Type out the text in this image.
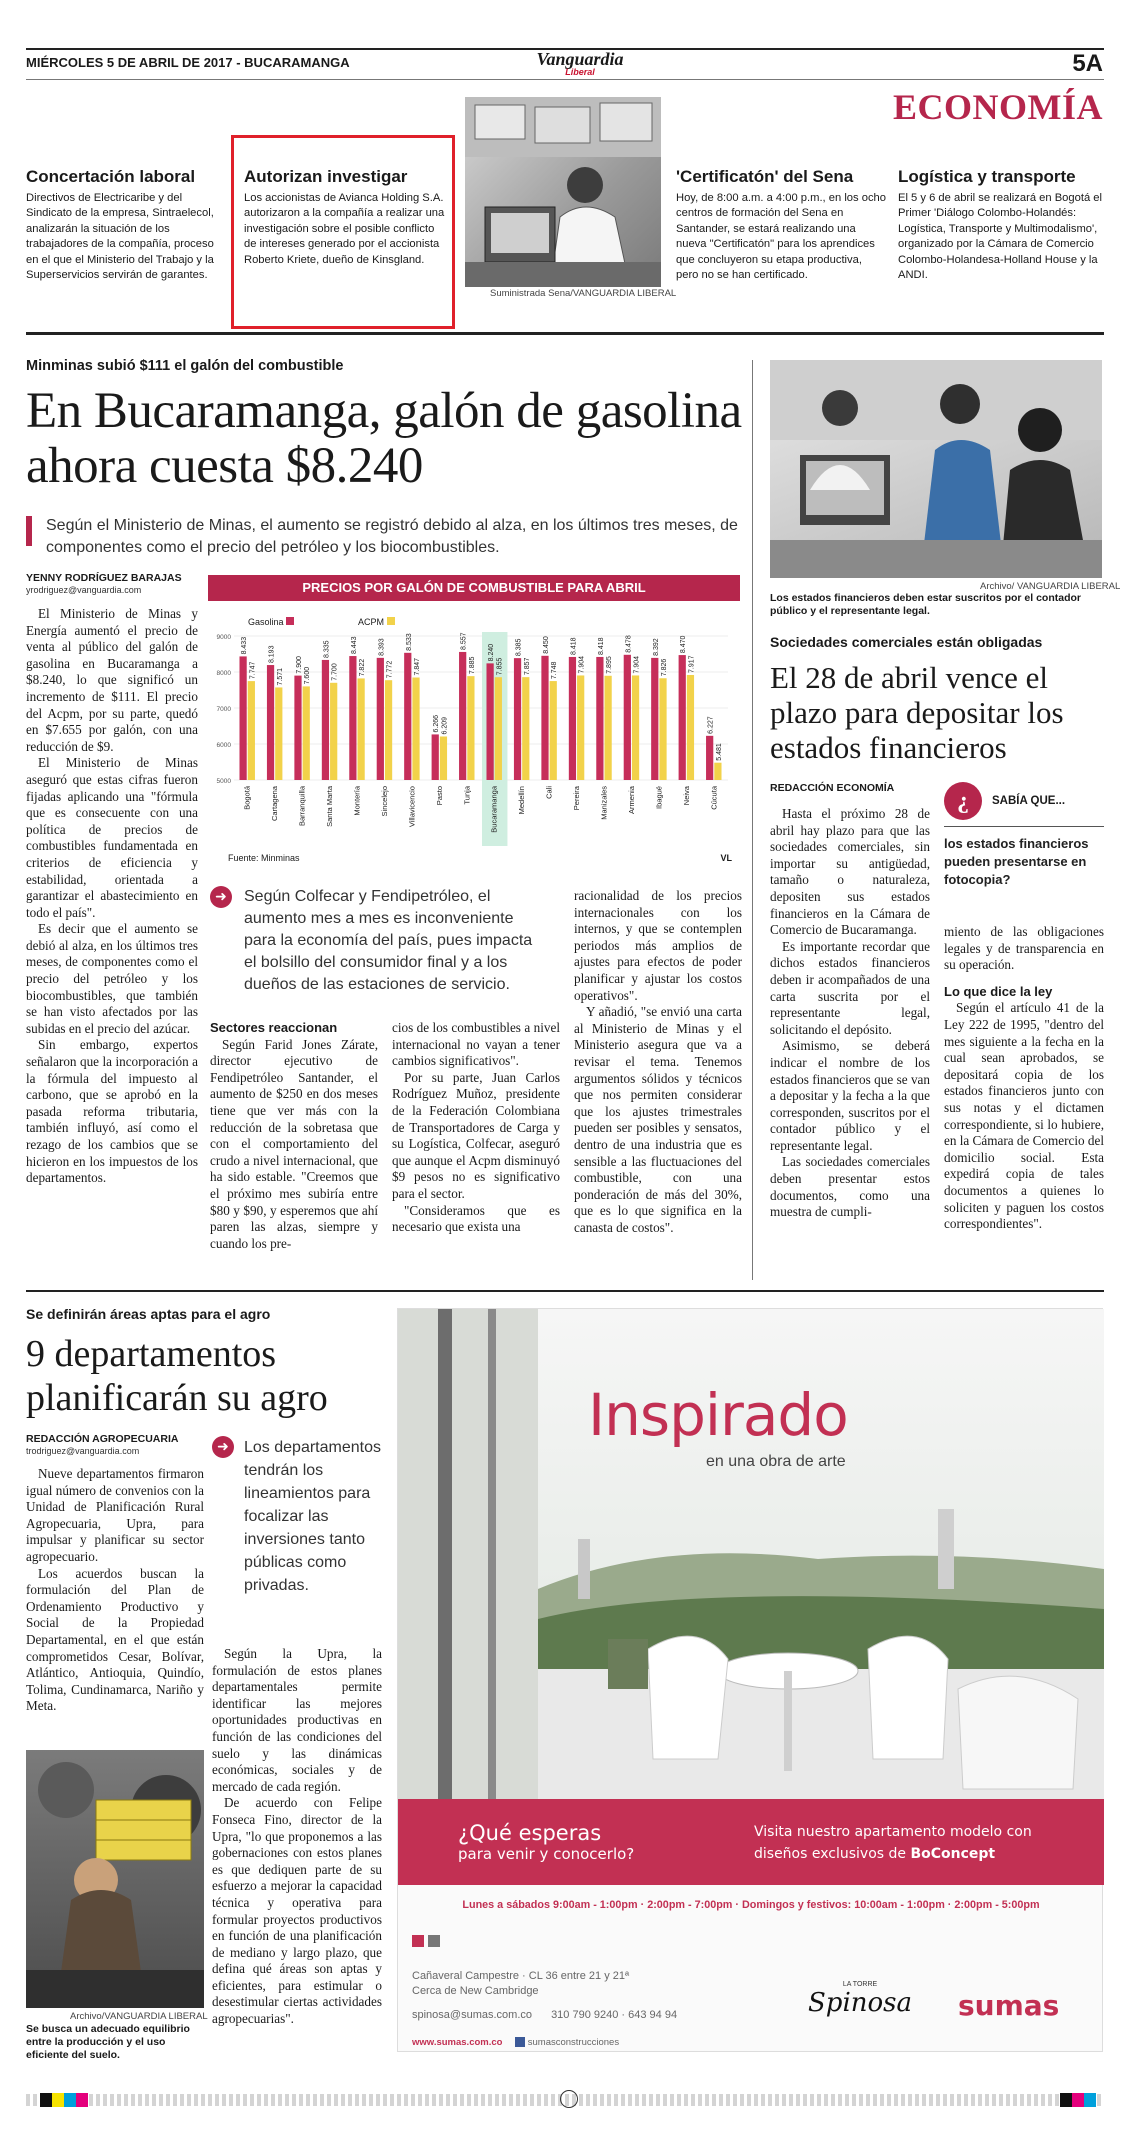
MIÉRCOLES 5 DE ABRIL DE 2017 - BUCARAMANGA	Vanguardia
Liberal	5A
ECONOMÍA
Concertación laboral
Directivos de Electricaribe y del Sindicato de la empresa, Sintraelecol, analizarán la situación de los trabajadores de la compañía, proceso en el que el Ministerio del Trabajo y la Superservicios servirán de garantes.
Autorizan investigar
Los accionistas de Avianca Holding S.A. autorizaron a la compañía a realizar una investigación sobre el posible conflicto de intereses generado por el accionista Roberto Kriete, dueño de Kinsgland.
Suministrada Sena/VANGUARDIA LIBERAL
'Certificatón' del Sena
Hoy, de 8:00 a.m. a 4:00 p.m., en los ocho centros de formación del Sena en Santander, se estará realizando una nueva "Certificatón" para los aprendices que concluyeron su etapa productiva, pero no se han certificado.
Logística y transporte
El 5 y 6 de abril se realizará en Bogotá el Primer 'Diálogo Colombo-Holandés: Logística, Transporte y Multimodalismo', organizado por la Cámara de Comercio Colombo-Holandesa-Holland House y la ANDI.
Minminas subió $111 el galón del combustible
En Bucaramanga, galón de gasolina ahora cuesta $8.240
Según el Ministerio de Minas, el aumento se registró debido al alza, en los últimos tres meses, de componentes como el precio del petróleo y los biocombustibles.
YENNY RODRÍGUEZ BARAJAS
yrodriguez@vanguardia.com

El Ministerio de Minas y Energía aumentó el precio de venta al público del galón de gasolina en Bucaramanga a $8.240, lo que significó un incremento de $111. El precio del Acpm, por su parte, quedó en $7.655 por galón, con una reducción de $9.

El Ministerio de Minas aseguró que estas cifras fueron fijadas aplicando una "fórmula que es consecuente con una política de precios de combustibles fundamentada en criterios de eficiencia y estabilidad, orientada a garantizar el abastecimiento en todo el país".

Es decir que el aumento se debió al alza, en los últimos tres meses, de componentes como el precio del petróleo y los biocombustibles, que también se han visto afectados por las subidas en el precio del azúcar.

Sin embargo, expertos señalaron que la incorporación a la fórmula del impuesto al carbono, que se aprobó en la pasada reforma tributaria, también influyó, así como el rezago de los cambios que se hicieron en los impuestos de los departamentos.

PRECIOS POR GALÓN DE COMBUSTIBLE PARA ABRIL
Gasolina	ACPM
5000
6000
7000
8000
9000 8.433
7.747
Bogotá
8.193
7.571
Cartagena
7.900
7.600
Barranquilla
8.335
7.700
Santa Marta
8.443
7.822
Montería
8.393
7.772
Sincelejo
8.533
7.847
Villavicencio
6.266 6.209
Pasto
8.557
7.885
Tunja
8.240
7.855
Bucaramanga
8.385
7.857
Medellín
8.450
7.748
Cali
8.418
7.904
Pereira
8.418
7.895
Manizales
8.478
7.904
Armenia
8.392
7.826
Ibagué
8.470
7.917
Neiva
6.227
5.481
Cúcuta
Fuente: Minminas	VL
➜ Según Colfecar y Fendipetróleo, el aumento mes a mes es inconveniente para la economía del país, pues impacta el bolsillo del consumidor final y a los dueños de las estaciones de servicio.
Sectores reaccionan

Según Farid Jones Zárate, director ejecutivo de Fendipetróleo Santander, el aumento de $250 en dos meses tiene que ver más con la reducción de la sobretasa que con el comportamiento del crudo a nivel internacional, que ha sido estable. "Creemos que el próximo mes subiría entre $80 y $90, y esperemos que ahí paren las alzas, siempre y cuando los pre-

cios de los combustibles a nivel internacional no vayan a tener cambios significativos".

Por su parte, Juan Carlos Rodríguez Muñoz, presidente de la Federación Colombiana de Transportadores de Carga y su Logística, Colfecar, aseguró que aunque el Acpm disminuyó $9 pesos no es significativo para el sector.

"Consideramos que es necesario que exista una

racionalidad de los precios internacionales con los internos, y que se contemplen periodos más amplios de ajustes para efectos de poder planificar y ajustar los costos operativos".

Y añadió, "se envió una carta al Ministerio de Minas y el Ministerio asegura que va a revisar el tema. Tenemos argumentos sólidos y técnicos que nos permiten considerar que los ajustes trimestrales pueden ser posibles y sensatos, dentro de una industria que es sensible a las fluctuaciones del combustible, con una ponderación de más del 30%, que es lo que significa en la canasta de costos".

Archivo/ VANGUARDIA LIBERAL
Los estados financieros deben estar suscritos por el contador público y el representante legal.
Sociedades comerciales están obligadas
El 28 de abril vence el plazo para depositar los estados financieros
REDACCIÓN ECONOMÍA

Hasta el próximo 28 de abril hay plazo para que las sociedades comerciales, sin importar su antigüedad, tamaño o naturaleza, depositen sus estados financieros en la Cámara de Comercio de Bucaramanga.

Es importante recordar que dichos estados financieros deben ir acompañados de una carta suscrita por el representante legal, solicitando el depósito.

Asimismo, se deberá indicar el nombre de los estados financieros que se van a depositar y la fecha a la que corresponden, suscritos por el contador público y el representante legal.

Las sociedades comerciales deben presentar estos documentos, como una muestra de cumpli-

¿	SABÍA QUE...
los estados financieros pueden presentarse en fotocopia?

miento de las obligaciones legales y de transparencia en su operación.

Lo que dice la ley

Según el artículo 41 de la Ley 222 de 1995, "dentro del mes siguiente a la fecha en la cual sean aprobados, se depositará copia de los estados financieros junto con sus notas y el dictamen correspondiente, si lo hubiere, en la Cámara de Comercio del domicilio social. Esta expedirá copia de tales documentos a quienes lo soliciten y paguen los costos correspondientes".

Se definirán áreas aptas para el agro
9 departamentos planificarán su agro
REDACCIÓN AGROPECUARIA
trodriguez@vanguardia.com

Nueve departamentos firmaron igual número de convenios con la Unidad de Planificación Rural Agropecuaria, Upra, para impulsar y planificar su sector agropecuario.

Los acuerdos buscan la formulación del Plan de Ordenamiento Productivo y Social de la Propiedad Departamental, en el que están comprometidos Cesar, Bolívar, Atlántico, Antioquia, Quindío, Tolima, Cundinamarca, Nariño y Meta.

➜ Los departamentos tendrán los lineamientos para focalizar las inversiones tanto públicas como privadas.
Archivo/VANGUARDIA LIBERAL
Se busca un adecuado equilibrio entre la producción y el uso eficiente del suelo.

Según la Upra, la formulación de estos planes departamentales permite identificar las mejores oportunidades productivas en función de las condiciones del suelo y las dinámicas económicas, sociales y de mercado de cada región.

De acuerdo con Felipe Fonseca Fino, director de la Upra, "lo que proponemos a las gobernaciones con estos planes es que dediquen parte de su esfuerzo a mejorar la capacidad técnica y operativa para formular proyectos productivos en función de una planificación de mediano y largo plazo, que defina qué áreas son aptas y eficientes, para estimular o desestimular ciertas actividades agropecuarias".

Inspirado
en una obra de arte
¿Qué esperas
para venir y conocerlo?
Visita nuestro apartamento modelo con
diseños exclusivos de BoConcept
Lunes a sábados 9:00am - 1:00pm · 2:00pm - 7:00pm · Domingos y festivos: 10:00am - 1:00pm · 2:00pm - 5:00pm
Cañaveral Campestre · CL 36 entre 21 y 21ª
Cerca de New Cambridge
spinosa@sumas.com.co 310 790 9240 · 643 94 94
www.sumas.com.co	sumasconstrucciones
LA TORRE
Spinosa sumas
